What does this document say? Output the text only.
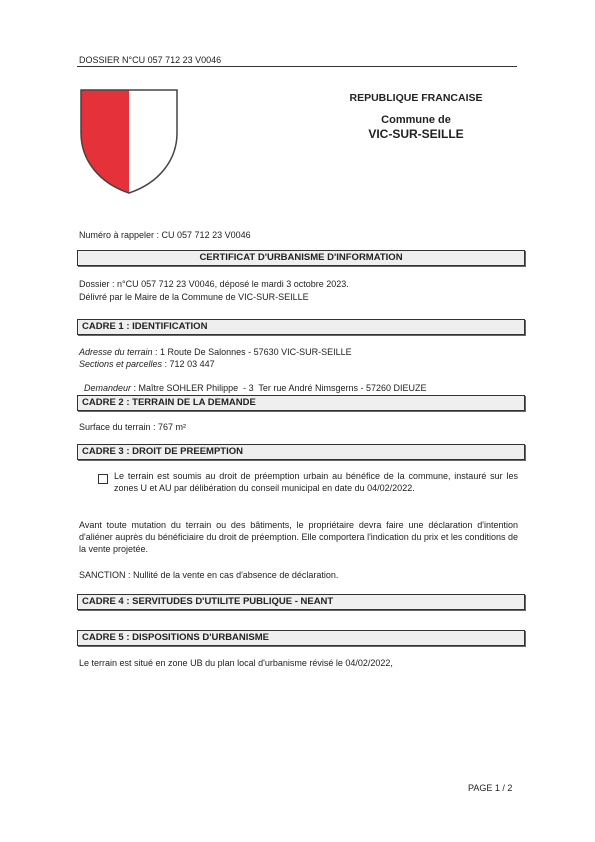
DOSSIER N°CU 057 712 23 V0046
REPUBLIQUE FRANCAISE
Commune de
VIC-SUR-SEILLE
Numéro à rappeler : CU 057 712 23 V0046
CERTIFICAT D'URBANISME D'INFORMATION
Dossier : n°CU 057 712 23 V0046, déposé le mardi 3 octobre 2023.
Délivré par le Maire de la Commune de VIC-SUR-SEILLE
CADRE 1 : IDENTIFICATION
Adresse du terrain : 1 Route De Salonnes - 57630 VIC-SUR-SEILLE
Sections et parcelles : 712 03 447

Demandeur : Maître SOHLER Philippe  - 3  Ter rue André Nimsgerns - 57260 DIEUZE

CADRE 2 : TERRAIN DE LA DEMANDE
Surface du terrain : 767 m²
CADRE 3 : DROIT DE PREEMPTION
Le terrain est soumis au droit de préemption urbain au bénéfice de la commune, instauré sur les zones U et AU par délibération du conseil municipal en date du 04/02/2022.
Avant toute mutation du terrain ou des bâtiments, le propriétaire devra faire une déclaration d'intention d'aliéner auprès du bénéficiaire du droit de préemption. Elle comportera l'indication du prix et les conditions de la vente projetée.
SANCTION : Nullité de la vente en cas d'absence de déclaration.
CADRE 4 : SERVITUDES D'UTILITE PUBLIQUE - NEANT
CADRE 5 : DISPOSITIONS D'URBANISME
Le terrain est situé en zone UB du plan local d'urbanisme révisé le 04/02/2022,
PAGE 1 / 2
